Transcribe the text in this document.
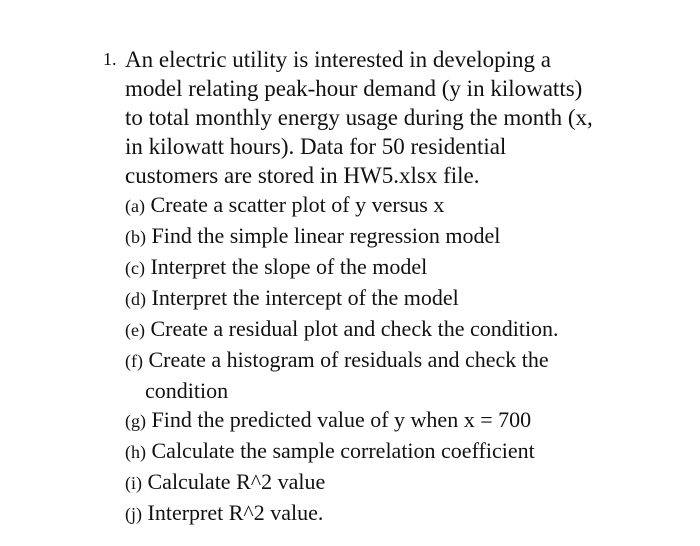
1. An electric utility is interested in developing a
model relating peak-hour demand (y in kilowatts)
to total monthly energy usage during the month (x,
in kilowatt hours). Data for 50 residential
customers are stored in HW5.xlsx file.
(a) Create a scatter plot of y versus x
(b) Find the simple linear regression model
(c) Interpret the slope of the model
(d) Interpret the intercept of the model
(e) Create a residual plot and check the condition.
(f) Create a histogram of residuals and check the
condition
(g) Find the predicted value of y when x = 700
(h) Calculate the sample correlation coefficient
(i) Calculate R^2 value
(j) Interpret R^2 value.
